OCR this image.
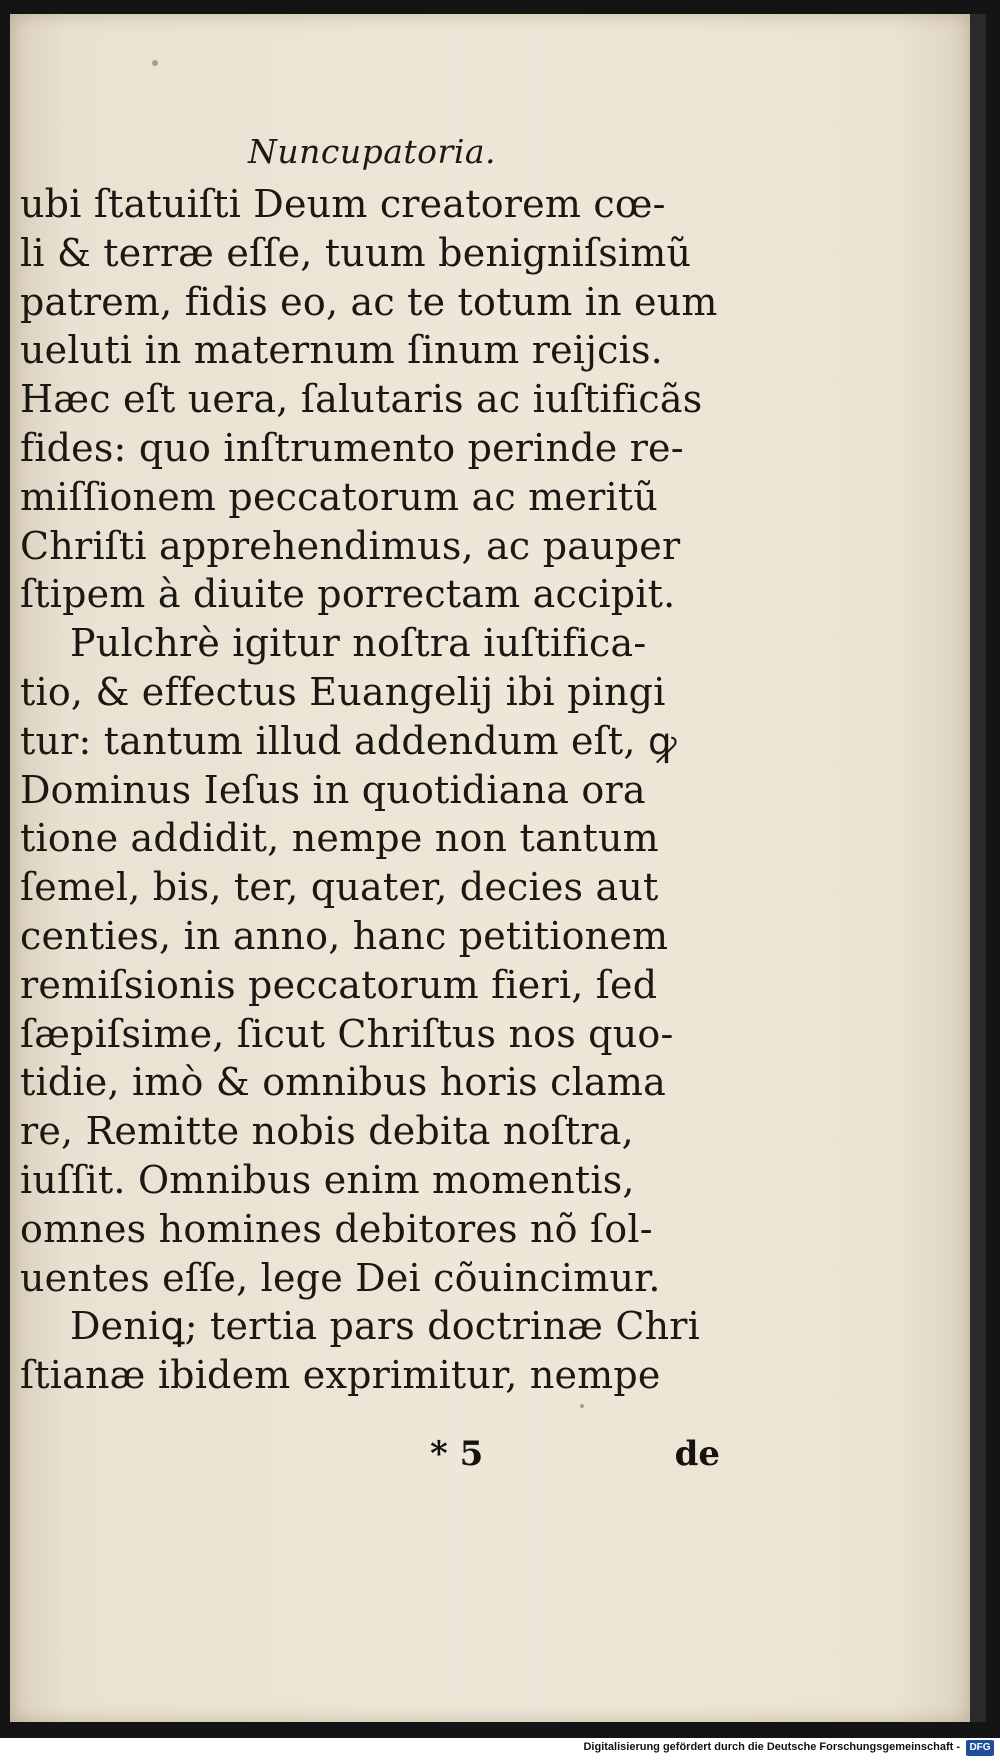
Nuncupatoria.
ubi ſtatuiſti Deum creatorem cœ-
li & terræ eſſe, tuum benigniſsimũ
patrem, fidis eo, ac te totum in eum
ueluti in maternum ſinum reijcis.
Hæc eſt uera, ſalutaris ac iuſtificãs
fides: quo inſtrumento perinde re-
miſſionem peccatorum ac meritũ
Chriſti apprehendimus, ac pauper
ſtipem à diuite porrectam accipit.
Pulchrè igitur noſtra iuſtifica-
tio, & effectus Euangelij ibi pingi
tur: tantum illud addendum eſt, ꝙ
Dominus Ieſus in quotidiana ora
tione addidit, nempe non tantum
ſemel, bis, ter, quater, decies aut
centies, in anno, hanc petitionem
remiſsionis peccatorum fieri, ſed
ſæpiſsime, ſicut Chriſtus nos quo-
tidie, imò & omnibus horis clama
re, Remitte nobis debita noſtra,
iuſſit. Omnibus enim momentis,
omnes homines debitores nõ ſol-
uentes eſſe, lege Dei cõuincimur.
Deniꝗ; tertia pars doctrinæ Chri
ſtianæ ibidem exprimitur, nempe
* 5	de
Digitalisierung gefördert durch die Deutsche Forschungsgemeinschaft - DFG
